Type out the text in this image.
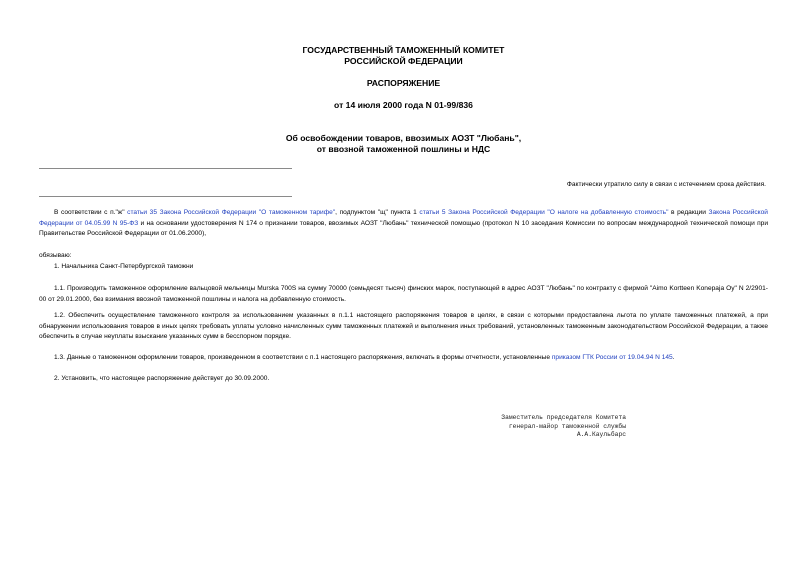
ГОСУДАРСТВЕННЫЙ ТАМОЖЕННЫЙ КОМИТЕТ
РОССИЙСКОЙ ФЕДЕРАЦИИ
РАСПОРЯЖЕНИЕ
от 14 июля 2000 года N 01-99/836
Об освобождении товаров, ввозимых АОЗТ "Любань",
от ввозной таможенной пошлины и НДС
Фактически утратило силу в связи с истечением срока действия.
В соответствии с п."ж" статьи 35 Закона Российской Федерации "О таможенном тарифе", подпунктом "щ" пункта 1 статьи 5 Закона Российской Федерации "О налоге на добавленную стоимость" в редакции Закона Российской Федерации от 04.05.99 N 95-ФЗ и на основании удостоверения N 174 о признании товаров, ввозимых АОЗТ "Любань" технической помощью (протокол N 10 заседания Комиссии по вопросам международной технической помощи при Правительстве Российской Федерации от 01.06.2000),
обязываю:
1. Начальника Санкт-Петербургской таможни
1.1. Производить таможенное оформление вальцовой мельницы Murska 700S на сумму 70000 (семьдесят тысяч) финских марок, поступающей в адрес АОЗТ "Любань" по контракту с фирмой "Aimo Kortteen Konepaja Oy" N 2/2901-00 от 29.01.2000, без взимания ввозной таможенной пошлины и налога на добавленную стоимость.
1.2. Обеспечить осуществление таможенного контроля за использованием указанных в п.1.1 настоящего распоряжения товаров в целях, в связи с которыми предоставлена льгота по уплате таможенных платежей, а при обнаружении использования товаров в иных целях требовать уплаты условно начисленных сумм таможенных платежей и выполнения иных требований, установленных таможенным законодательством Российской Федерации, а также обеспечить в случае неуплаты взыскание указанных сумм в бесспорном порядке.
1.3. Данные о таможенном оформлении товаров, произведенном в соответствии с п.1 настоящего распоряжения, включать в формы отчетности, установленные приказом ГТК России от 19.04.94 N 145.
2. Установить, что настоящее распоряжение действует до 30.09.2000.
Заместитель председателя Комитета
генерал-майор таможенной службы
А.А.Каульбарс
